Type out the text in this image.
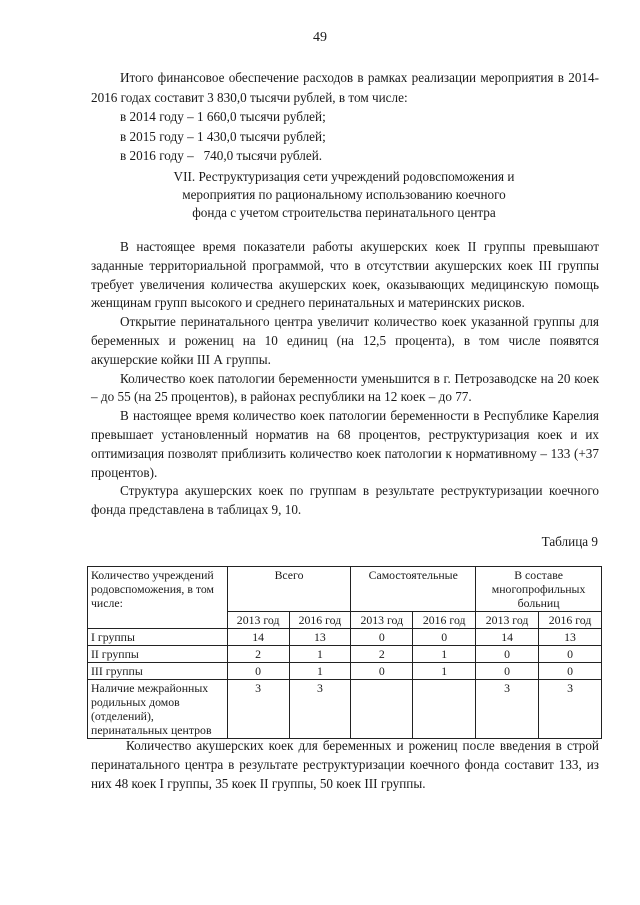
49
Итого финансовое обеспечение расходов в рамках реализации мероприятия в 2014-2016 годах составит 3 830,0 тысячи рублей, в том числе:
в 2014 году – 1 660,0 тысячи рублей;
в 2015 году – 1 430,0 тысячи рублей;
в 2016 году –   740,0 тысячи рублей.
VII. Реструктуризация сети учреждений родовспоможения и
мероприятия по рациональному использованию коечного
фонда с учетом строительства перинатального центра

В настоящее время показатели работы акушерских коек II группы превышают заданные территориальной программой, что в отсутствии акушерских коек III группы требует увеличения количества акушерских коек, оказывающих медицинскую помощь женщинам групп высокого и среднего перинатальных и материнских рисков.

Открытие перинатального центра увеличит количество коек указанной группы для беременных и рожениц на 10 единиц (на 12,5 процента), в том числе появятся акушерские койки III А группы.

Количество коек патологии беременности уменьшится в г. Петрозаводске на 20 коек – до 55 (на 25 процентов), в районах республики на 12 коек – до 77.

В настоящее время количество коек патологии беременности в Республике Карелия превышает установленный норматив на 68 процентов, реструктуризация коек и их оптимизация позволят приблизить количество коек патологии к нормативному – 133 (+37 процентов).

Структура акушерских коек по группам в результате реструктуризации коечного фонда представлена в таблицах 9, 10.

Таблица 9
Количество учреждений родовспоможения, в том числе:	Всего		Самостоятельные		В составе многопрофильных больниц	
	2013 год	2016 год	2013 год	2016 год	2013 год	2016 год
I группы	14	13	0	0	14	13
II группы	2	1	2	1	0	0
III группы	0	1	0	1	0	0
Наличие межрайонных родильных домов (отделений), перинатальных центров	3	3			3	3

Количество акушерских коек для беременных и рожениц после введения в строй перинатального центра в результате реструктуризации коечного фонда составит 133, из них 48 коек I группы, 35 коек II группы, 50 коек III группы.
